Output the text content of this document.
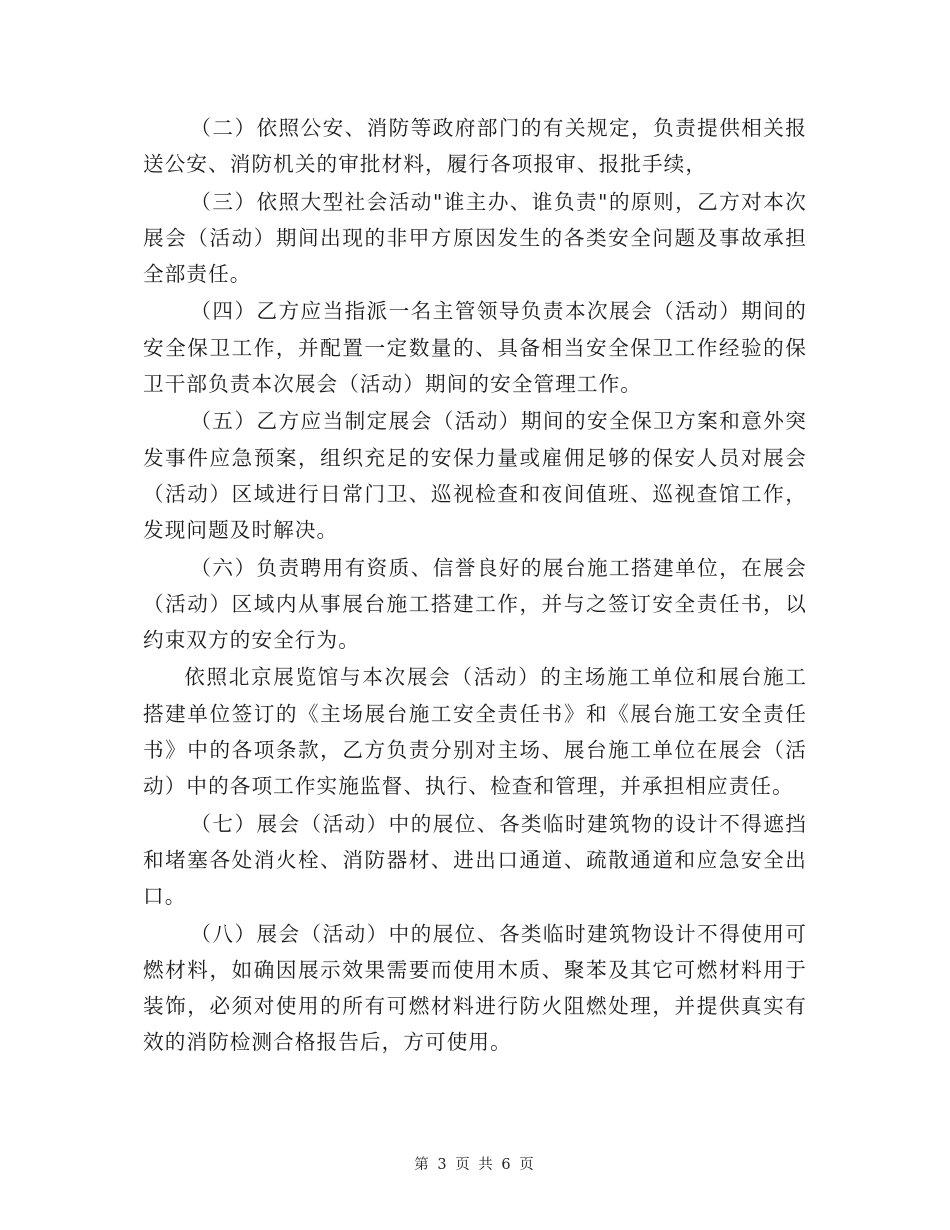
（二）依照公安、消防等政府部门的有关规定，负责提供相关报送公安、消防机关的审批材料，履行各项报审、报批手续，

（三）依照大型社会活动"谁主办、谁负责"的原则，乙方对本次展会（活动）期间出现的非甲方原因发生的各类安全问题及事故承担全部责任。

（四）乙方应当指派一名主管领导负责本次展会（活动）期间的安全保卫工作，并配置一定数量的、具备相当安全保卫工作经验的保卫干部负责本次展会（活动）期间的安全管理工作。

（五）乙方应当制定展会（活动）期间的安全保卫方案和意外突发事件应急预案，组织充足的安保力量或雇佣足够的保安人员对展会（活动）区域进行日常门卫、巡视检查和夜间值班、巡视查馆工作，发现问题及时解决。

（六）负责聘用有资质、信誉良好的展台施工搭建单位，在展会（活动）区域内从事展台施工搭建工作，并与之签订安全责任书，以约束双方的安全行为。

依照北京展览馆与本次展会（活动）的主场施工单位和展台施工搭建单位签订的《主场展台施工安全责任书》和《展台施工安全责任书》中的各项条款，乙方负责分别对主场、展台施工单位在展会（活动）中的各项工作实施监督、执行、检查和管理，并承担相应责任。

（七）展会（活动）中的展位、各类临时建筑物的设计不得遮挡和堵塞各处消火栓、消防器材、进出口通道、疏散通道和应急安全出口。

（八）展会（活动）中的展位、各类临时建筑物设计不得使用可燃材料，如确因展示效果需要而使用木质、聚苯及其它可燃材料用于装饰，必须对使用的所有可燃材料进行防火阻燃处理，并提供真实有效的消防检测合格报告后，方可使用。

第 3 页 共 6 页
